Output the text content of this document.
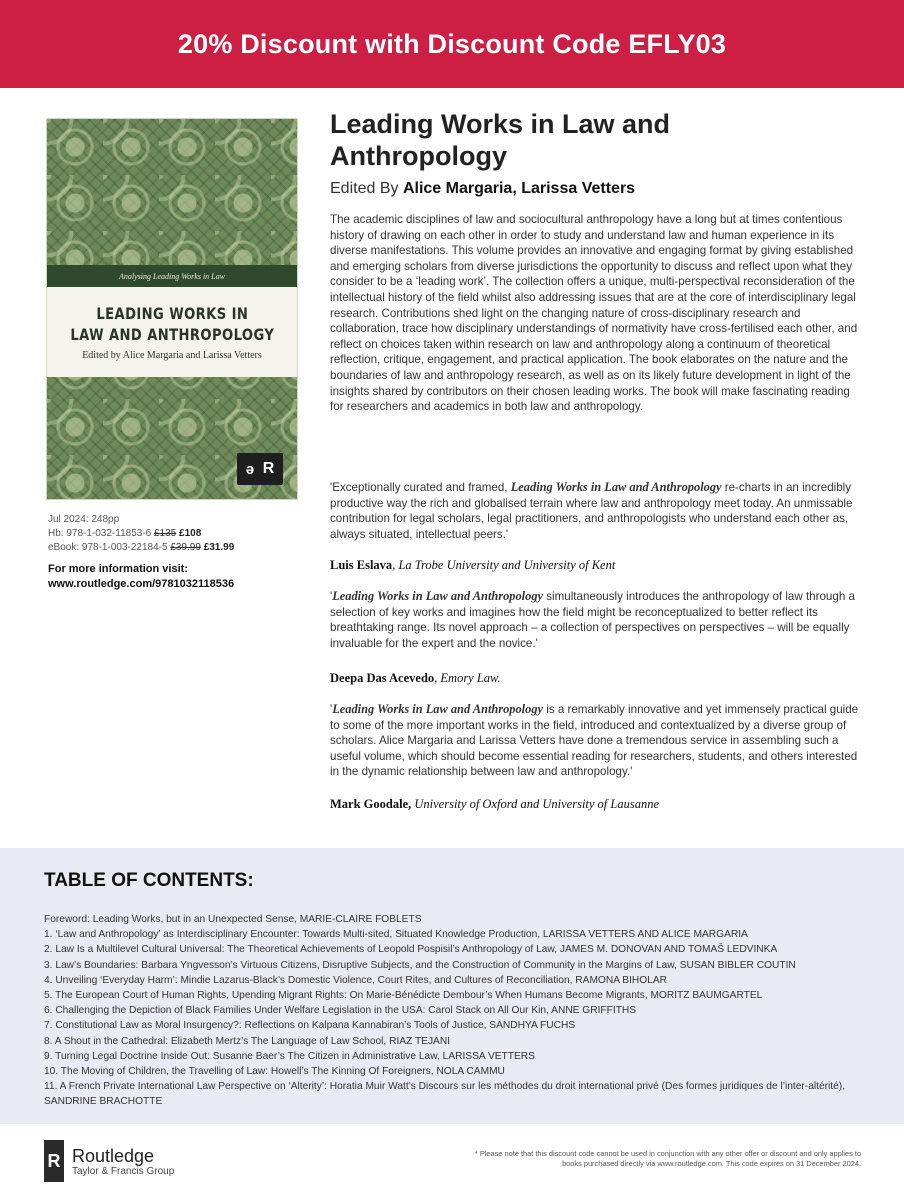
20% Discount with Discount Code EFLY03
Analysing Leading Works in Law
LEADING WORKS IN
LAW AND ANTHROPOLOGY
Edited by Alice Margaria and Larissa Vetters
ə R
Jul 2024: 248pp
Hb: 978-1-032-11853-6 £135 £108
eBook: 978-1-003-22184-5 £39.99 £31.99
For more information visit:
www.routledge.com/9781032118536
Leading Works in Law and
Anthropology
Edited By Alice Margaria, Larissa Vetters

The academic disciplines of law and sociocultural anthropology have a long but at times contentious history of drawing on each other in order to study and understand law and human experience in its diverse manifestations. This volume provides an innovative and engaging format by giving established and emerging scholars from diverse jurisdictions the opportunity to discuss and reflect upon what they consider to be a ‘leading work’. The collection offers a unique, multi-perspectival reconsideration of the intellectual history of the field whilst also addressing issues that are at the core of interdisciplinary legal research. Contributions shed light on the changing nature of cross-disciplinary research and collaboration, trace how disciplinary understandings of normativity have cross-fertilised each other, and reflect on choices taken within research on law and anthropology along a continuum of theoretical reflection, critique, engagement, and practical application. The book elaborates on the nature and the boundaries of law and anthropology research, as well as on its likely future development in light of the insights shared by contributors on their chosen leading works. The book will make fascinating reading for researchers and academics in both law and anthropology.

'Exceptionally curated and framed, Leading Works in Law and Anthropology re-charts in an incredibly productive way the rich and globalised terrain where law and anthropology meet today. An unmissable contribution for legal scholars, legal practitioners, and anthropologists who understand each other as, always situated, intellectual peers.'

Luis Eslava, La Trobe University and University of Kent

'Leading Works in Law and Anthropology simultaneously introduces the anthropology of law through a selection of key works and imagines how the field might be reconceptualized to better reflect its breathtaking range. Its novel approach – a collection of perspectives on perspectives – will be equally invaluable for the expert and the novice.'

Deepa Das Acevedo, Emory Law.

'Leading Works in Law and Anthropology is a remarkably innovative and yet immensely practical guide to some of the more important works in the field, introduced and contextualized by a diverse group of scholars. Alice Margaria and Larissa Vetters have done a tremendous service in assembling such a useful volume, which should become essential reading for researchers, students, and others interested in the dynamic relationship between law and anthropology.'

Mark Goodale, University of Oxford and University of Lausanne
TABLE OF CONTENTS:
Foreword: Leading Works, but in an Unexpected Sense, MARIE-CLAIRE FOBLETS
1. ‘Law and Anthropology’ as Interdisciplinary Encounter: Towards Multi-sited, Situated Knowledge Production, LARISSA VETTERS AND ALICE MARGARIA
2. Law Is a Multilevel Cultural Universal: The Theoretical Achievements of Leopold Pospisil’s Anthropology of Law, JAMES M. DONOVAN AND TOMAŠ LEDVINKA
3. Law’s Boundaries: Barbara Yngvesson’s Virtuous Citizens, Disruptive Subjects, and the Construction of Community in the Margins of Law, SUSAN BIBLER COUTIN
4. Unveiling ‘Everyday Harm’: Mindie Lazarus-Black’s Domestic Violence, Court Rites, and Cultures of Reconciliation, RAMONA BIHOLAR
5. The European Court of Human Rights, Upending Migrant Rights: On Marie-Bénédicte Dembour’s When Humans Become Migrants, MORITZ BAUMGARTEL
6. Challenging the Depiction of Black Families Under Welfare Legislation in the USA: Carol Stack on All Our Kin, ANNE GRIFFITHS
7. Constitutional Law as Moral Insurgency?: Reflections on Kalpana Kannabiran’s Tools of Justice, SANDHYA FUCHS
8. A Shout in the Cathedral: Elizabeth Mertz’s The Language of Law School, RIAZ TEJANI
9. Turning Legal Doctrine Inside Out: Susanne Baer’s The Citizen in Administrative Law, LARISSA VETTERS
10. The Moving of Children, the Travelling of Law: Howell’s The Kinning Of Foreigners, NOLA CAMMU
11. A French Private International Law Perspective on ‘Alterity’: Horatia Muir Watt’s Discours sur les méthodes du droit international privé (Des formes juridiques de l’inter-altérité), SANDRINE BRACHOTTE
R Routledge
Taylor & Francis Group

* Please note that this discount code cannot be used in conjunction with any other offer or discount and only applies to books purchased directly via www.routledge.com. This code expires on 31 December 2024.
